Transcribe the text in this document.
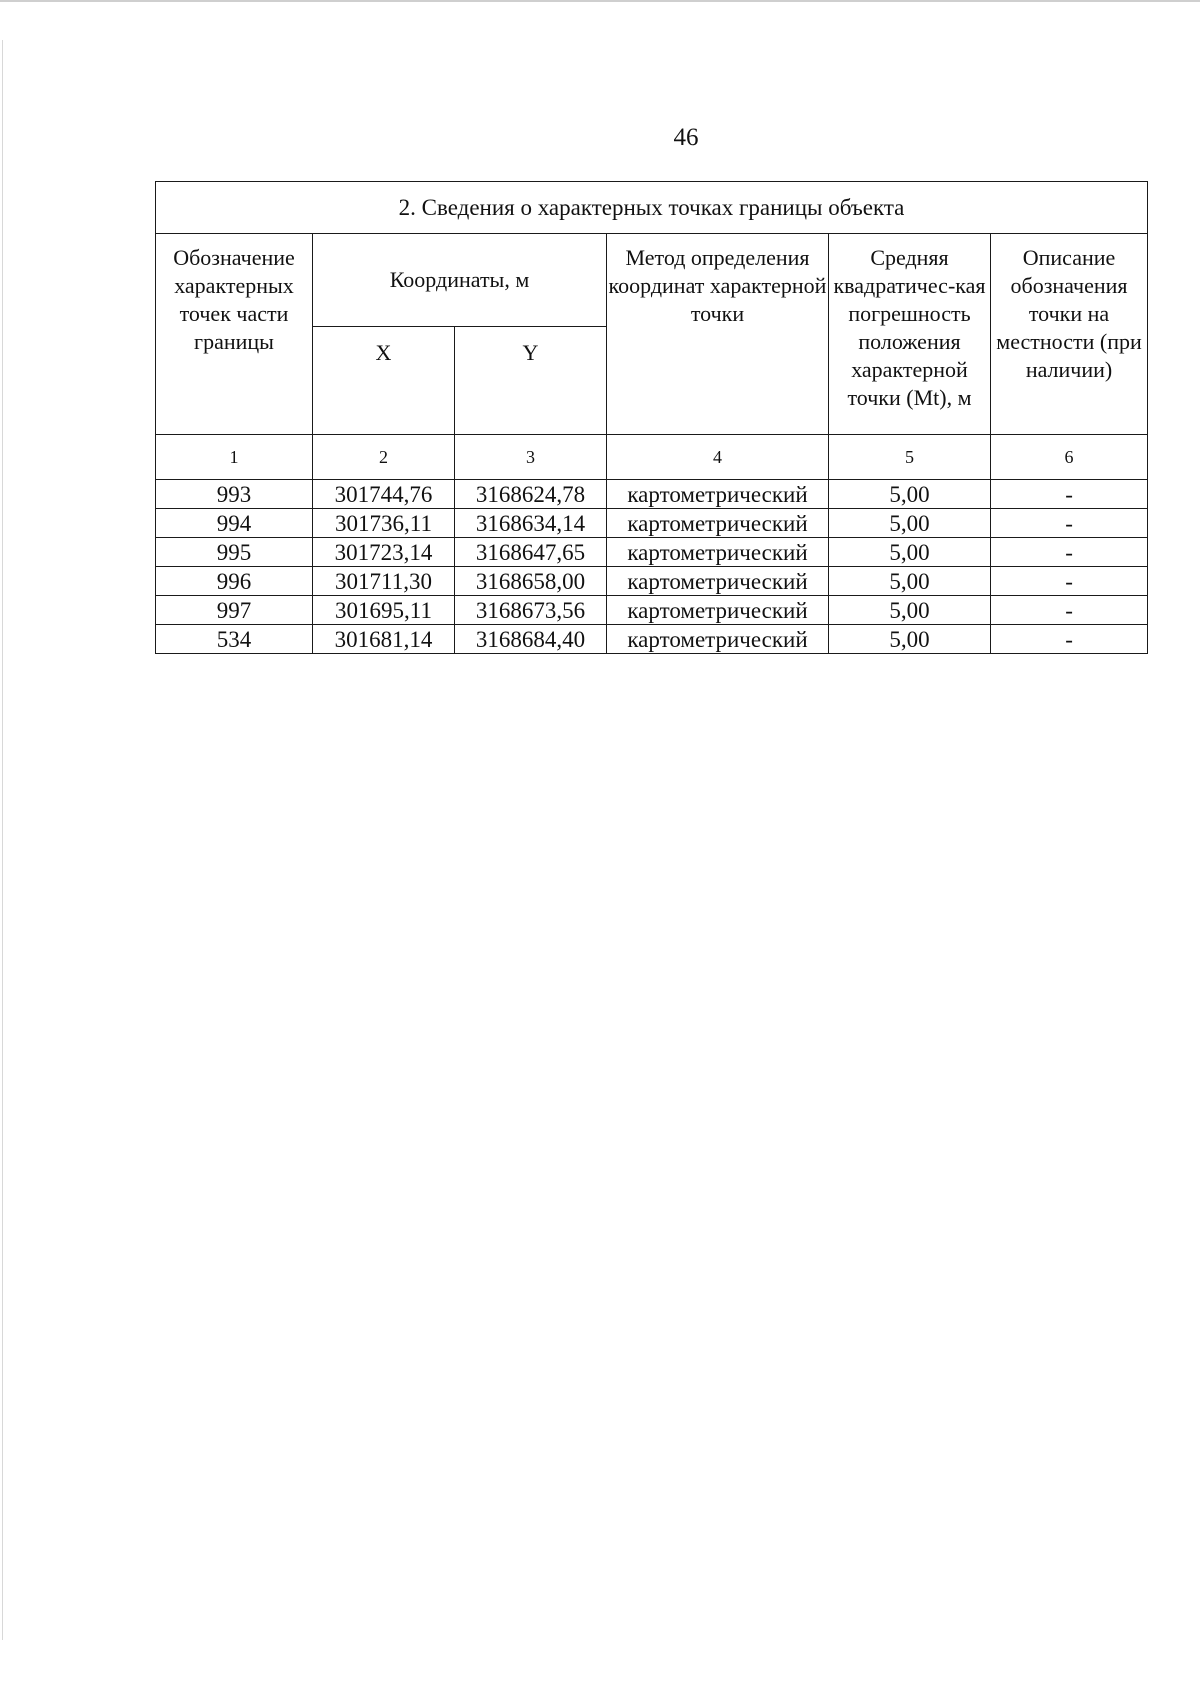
46
2. Сведения о характерных точках границы объекта					
Обозначение характерных точек части границы	Координаты, м		Метод определения координат характерной точки	Средняя квадратичес-кая погрешность положения характерной точки (Mt), м	Описание обозначения точки на местности (при наличии)
	X	Y			
1	2	3	4	5	6
993	301744,76	3168624,78	картометрический	5,00	-
994	301736,11	3168634,14	картометрический	5,00	-
995	301723,14	3168647,65	картометрический	5,00	-
996	301711,30	3168658,00	картометрический	5,00	-
997	301695,11	3168673,56	картометрический	5,00	-
534	301681,14	3168684,40	картометрический	5,00	-
